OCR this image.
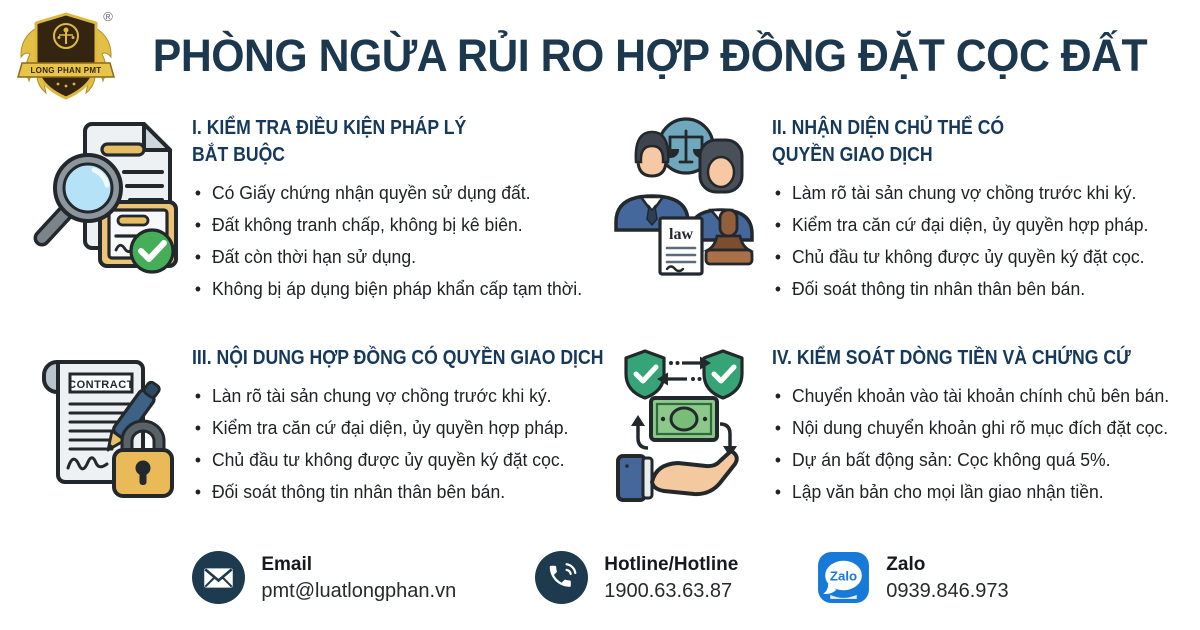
LONG PHAN PMT
®
PHÒNG NGỪA RỦI RO HỢP ĐỒNG ĐẶT CỌC ĐẤT
I. KIỂM TRA ĐIỀU KIỆN PHÁP LÝ
BẮT BUỘC
• Có Giấy chứng nhận quyền sử dụng đất.
• Đất không tranh chấp, không bị kê biên.
• Đất còn thời hạn sử dụng.
• Không bị áp dụng biện pháp khẩn cấp tạm thời.
law
II. NHẬN DIỆN CHỦ THỂ CÓ
QUYỀN GIAO DỊCH
• Làm rõ tài sản chung vợ chồng trước khi ký.
• Kiểm tra căn cứ đại diện, ủy quyền hợp pháp.
• Chủ đầu tư không được ủy quyền ký đặt cọc.
• Đối soát thông tin nhân thân bên bán.
CONTRACT
III. NỘI DUNG HỢP ĐỒNG CÓ QUYỀN GIAO DỊCH
• Làn rõ tài sản chung vợ chồng trước khi ký.
• Kiểm tra căn cứ đại diện, ủy quyền hợp pháp.
• Chủ đầu tư không được ủy quyền ký đặt cọc.
• Đối soát thông tin nhân thân bên bán.
IV. KIỂM SOÁT DÒNG TIỀN VÀ CHỨNG CỨ
• Chuyển khoản vào tài khoản chính chủ bên bán.
• Nội dung chuyển khoản ghi rõ mục đích đặt cọc.
• Dự án bất động sản: Cọc không quá 5%.
• Lập văn bản cho mọi lần giao nhận tiền.
Email
pmt@luatlongphan.vn
Hotline/Hotline
1900.63.63.87
Zalo
Zalo
0939.846.973
